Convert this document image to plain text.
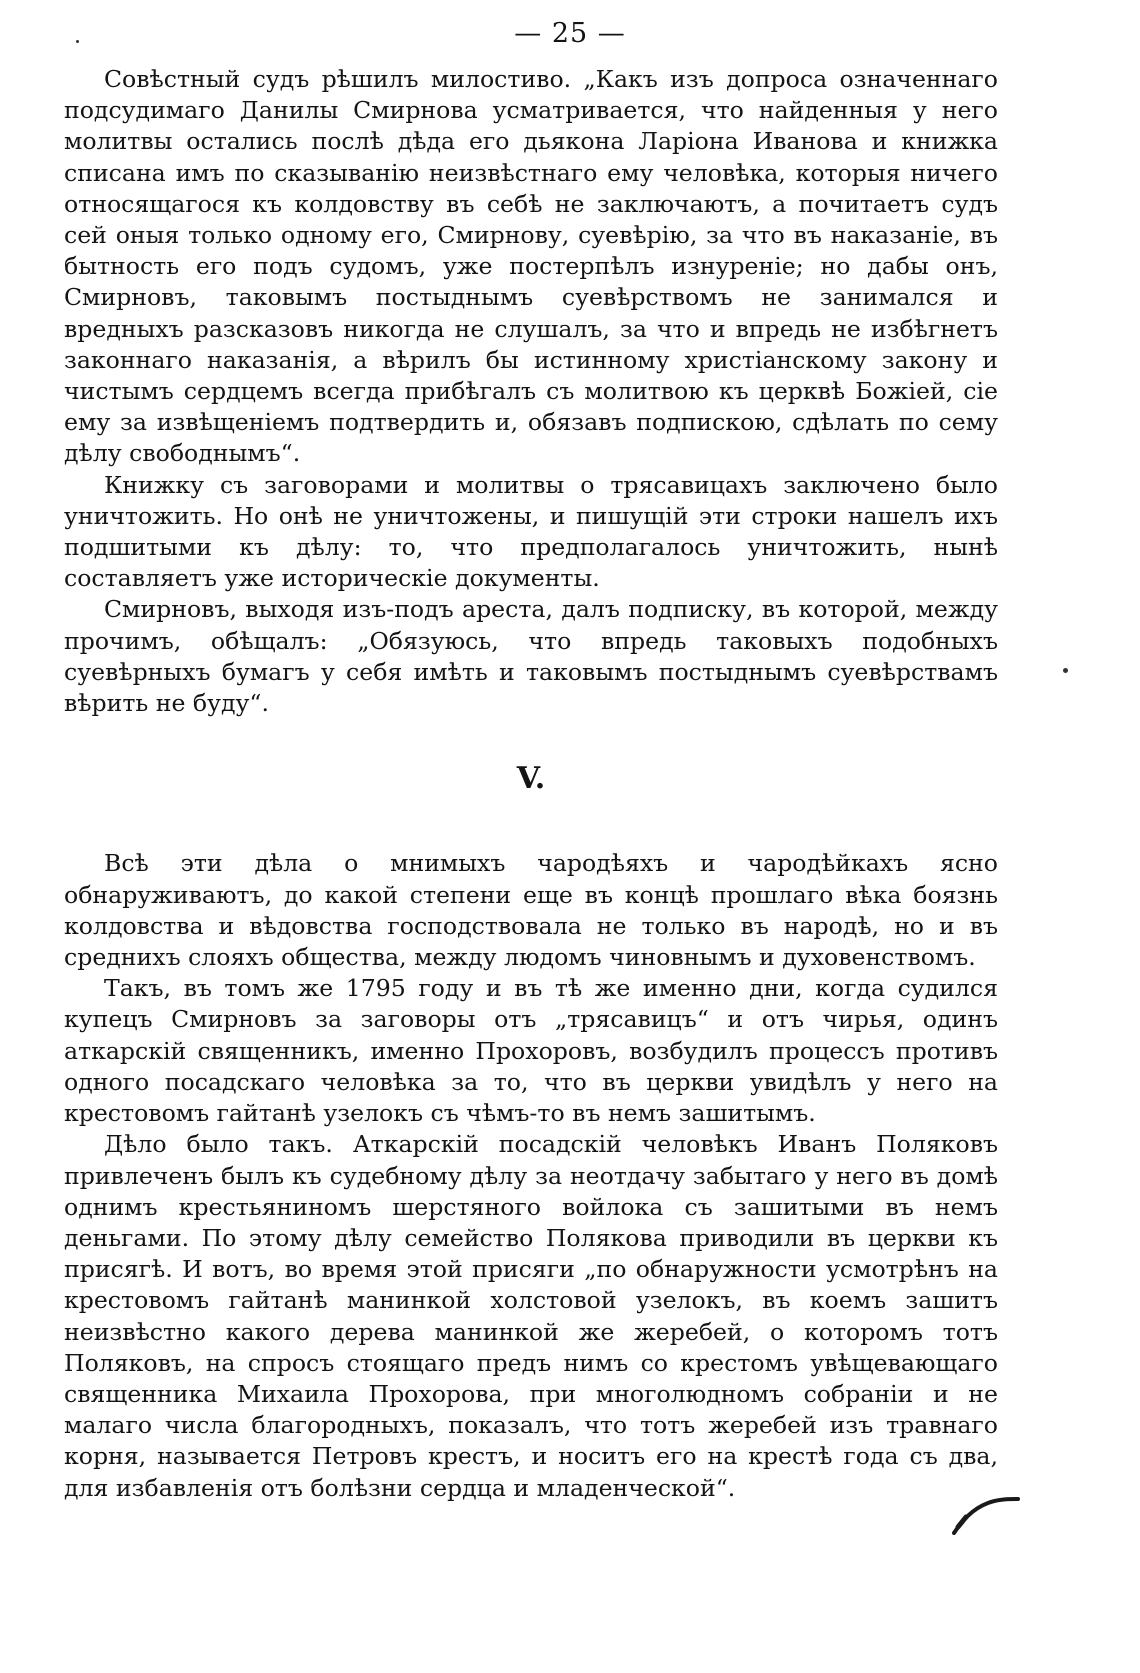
— 25 —

Совѣстный судъ рѣшилъ милостиво. „Какъ изъ допроса означеннаго подсудимаго Данилы Смирнова усматривается, что найденныя у него молитвы остались послѣ дѣда его дьякона Ларіона Иванова и книжка списана имъ по сказыванію неизвѣстнаго ему человѣка, которыя ничего относящагося къ колдовству въ себѣ не заключаютъ, а почитаетъ судъ сей оныя только одному его, Смирнову, суевѣрію, за что въ наказаніе, въ бытность его подъ судомъ, уже постерпѣлъ изнуреніе; но дабы онъ, Смирновъ, таковымъ постыднымъ суевѣрствомъ не занимался и вредныхъ разсказовъ никогда не слушалъ, за что и впредь не избѣгнетъ законнаго наказанія, а вѣрилъ бы истинному христіанскому закону и чистымъ сердцемъ всегда прибѣгалъ съ молитвою къ церквѣ Божіей, сіе ему за извѣщеніемъ подтвердить и, обязавъ подпискою, сдѣлать по сему дѣлу свободнымъ“.

Книжку съ заговорами и молитвы о трясавицахъ заключено было уничтожить. Но онѣ не уничтожены, и пишущій эти строки нашелъ ихъ подшитыми къ дѣлу: то, что предполагалось уничтожить, нынѣ составляетъ уже историческіе документы.

Смирновъ, выходя изъ-подъ ареста, далъ подписку, въ которой, между прочимъ, обѣщалъ: „Обязуюсь, что впредь таковыхъ подобныхъ суевѣрныхъ бумагъ у себя имѣть и таковымъ постыднымъ суевѣрствамъ вѣрить не буду“.

V.

Всѣ эти дѣла о мнимыхъ чародѣяхъ и чародѣйкахъ ясно обнаруживаютъ, до какой степени еще въ концѣ прошлаго вѣка боязнь колдовства и вѣдовства господствовала не только въ народѣ, но и въ среднихъ слояхъ общества, между людомъ чиновнымъ и духовенствомъ.

Такъ, въ томъ же 1795 году и въ тѣ же именно дни, когда судился купецъ Смирновъ за заговоры отъ „трясавицъ“ и отъ чирья, одинъ аткарскій священникъ, именно Прохоровъ, возбудилъ процессъ противъ одного посадскаго человѣка за то, что въ церкви увидѣлъ у него на крестовомъ гайтанѣ узелокъ съ чѣмъ-то въ немъ зашитымъ.

Дѣло было такъ. Аткарскій посадскій человѣкъ Иванъ Поляковъ привлеченъ былъ къ судебному дѣлу за неотдачу забытаго у него въ домѣ однимъ крестьяниномъ шерстяного войлока съ зашитыми въ немъ деньгами. По этому дѣлу семейство Полякова приводили въ церкви къ присягѣ. И вотъ, во время этой присяги „по обнаружности усмотрѣнъ на крестовомъ гайтанѣ манинкой холстовой узелокъ, въ коемъ зашитъ неизвѣстно какого дерева манинкой же жеребей, о которомъ тотъ Поляковъ, на спросъ стоящаго предъ нимъ со крестомъ увѣщевающаго священника Михаила Прохорова, при многолюдномъ собраніи и не малаго числа благородныхъ, показалъ, что тотъ жеребей изъ травнаго корня, называется Петровъ крестъ, и носитъ его на крестѣ года съ два, для избавленія отъ болѣзни сердца и младенческой“.
